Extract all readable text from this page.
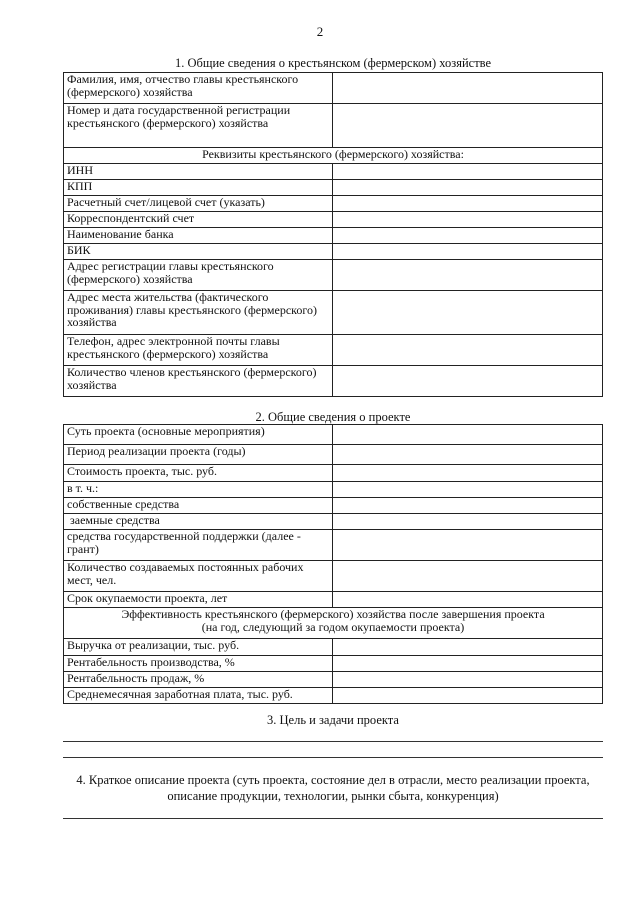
2
1. Общие сведения о крестьянском (фермерском) хозяйстве
Фамилия, имя, отчество главы крестьянского (фермерского) хозяйства	
Номер и дата государственной регистрации крестьянского (фермерского) хозяйства	
Реквизиты крестьянского (фермерского) хозяйства:	
ИНН	
КПП	
Расчетный счет/лицевой счет (указать)	
Корреспондентский счет	
Наименование банка	
БИК	
Адрес регистрации главы крестьянского (фермерского) хозяйства	
Адрес места жительства (фактического проживания) главы крестьянского (фермерского) хозяйства	
Телефон, адрес электронной почты главы крестьянского (фермерского) хозяйства	
Количество членов крестьянского (фермерского) хозяйства	
2. Общие сведения о проекте
Суть проекта (основные мероприятия)	
Период реализации проекта (годы)	
Стоимость проекта, тыс. руб.	
в т. ч.:	
собственные средства	
заемные средства	
средства государственной поддержки (далее - грант)	
Количество создаваемых постоянных рабочих мест, чел.	
Срок окупаемости проекта, лет	

Эффективность крестьянского (фермерского) хозяйства после завершения проекта
(на год, следующий за годом окупаемости проекта)	

Выручка от реализации, тыс. руб.	
Рентабельность производства, %	
Рентабельность продаж, %	
Среднемесячная заработная плата, тыс. руб.	
3. Цель и задачи проекта
4. Краткое описание проекта (суть проекта, состояние дел в отрасли, место реализации проекта,
описание продукции, технологии, рынки сбыта, конкуренция)
